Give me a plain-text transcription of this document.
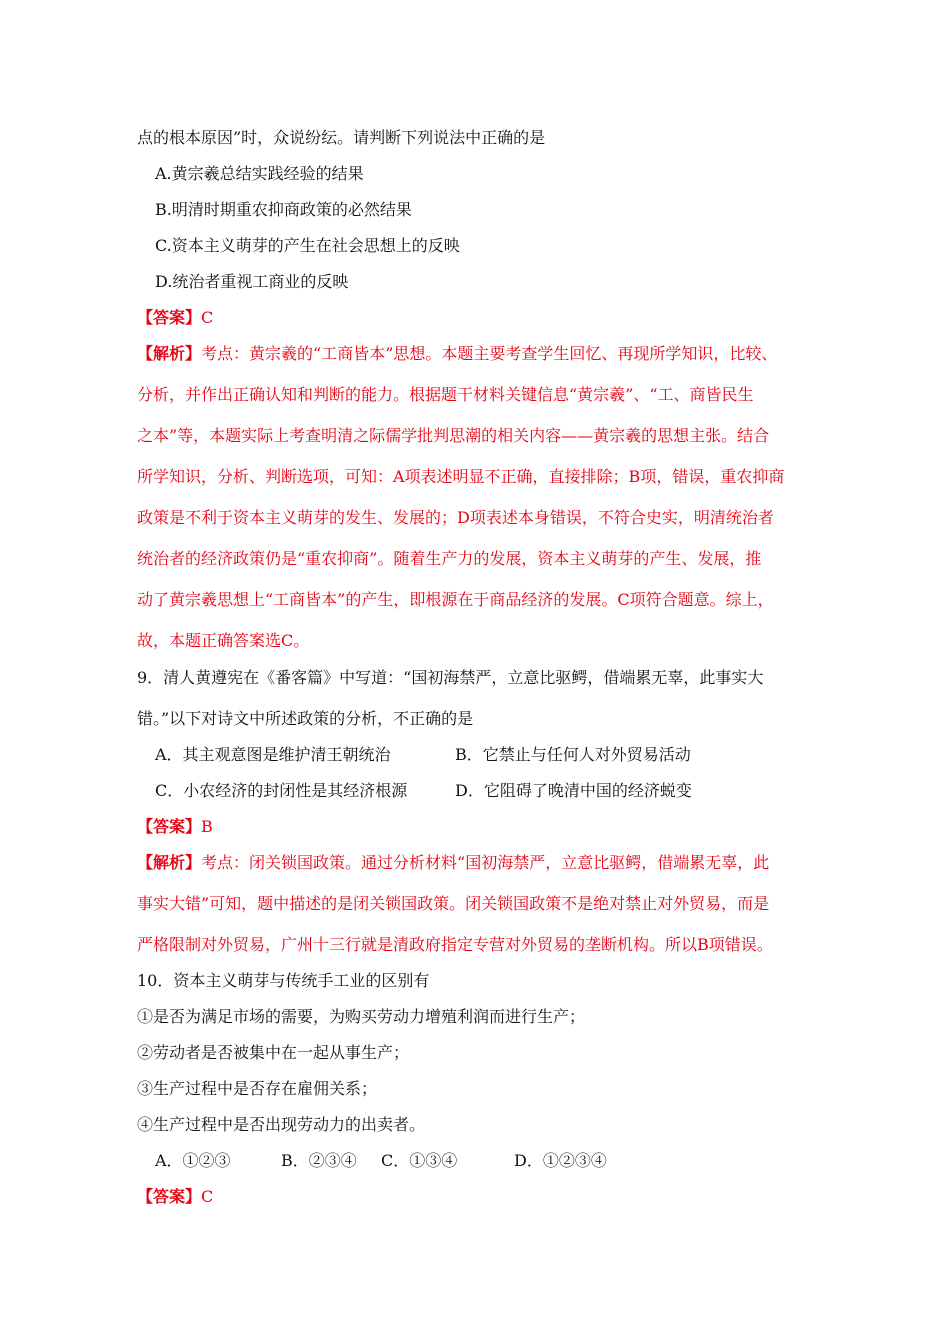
点的根本原因”时，众说纷纭。请判断下列说法中正确的是
A.黄宗羲总结实践经验的结果
B.明清时期重农抑商政策的必然结果
C.资本主义萌芽的产生在社会思想上的反映
D.统治者重视工商业的反映
【答案】C
【解析】考点：黄宗羲的“工商皆本”思想。本题主要考查学生回忆、再现所学知识，比较、
分析，并作出正确认知和判断的能力。根据题干材料关键信息“黄宗羲”、“工、商皆民生
之本”等，本题实际上考查明清之际儒学批判思潮的相关内容——黄宗羲的思想主张。结合
所学知识，分析、判断选项，可知：A项表述明显不正确，直接排除；B项，错误，重农抑商
政策是不利于资本主义萌芽的发生、发展的；D项表述本身错误，不符合史实，明清统治者
统治者的经济政策仍是“重农抑商”。随着生产力的发展，资本主义萌芽的产生、发展，推
动了黄宗羲思想上“工商皆本”的产生，即根源在于商品经济的发展。C项符合题意。综上，
故，本题正确答案选C。
9．清人黄遵宪在《番客篇》中写道：“国初海禁严，立意比驱鳄，借端累无辜，此事实大
错。”以下对诗文中所述政策的分析，不正确的是
A．其主观意图是维护清王朝统治	B．它禁止与任何人对外贸易活动
C．小农经济的封闭性是其经济根源	D．它阻碍了晚清中国的经济蜕变
【答案】B
【解析】考点：闭关锁国政策。通过分析材料“国初海禁严，立意比驱鳄，借端累无辜，此
事实大错”可知，题中描述的是闭关锁国政策。闭关锁国政策不是绝对禁止对外贸易，而是
严格限制对外贸易，广州十三行就是清政府指定专营对外贸易的垄断机构。所以B项错误。
10．资本主义萌芽与传统手工业的区别有
①是否为满足市场的需要，为购买劳动力增殖利润而进行生产；
②劳动者是否被集中在一起从事生产；
③生产过程中是否存在雇佣关系；
④生产过程中是否出现劳动力的出卖者。
A．①②③	B．②③④ C．①③④	D．①②③④
【答案】C
